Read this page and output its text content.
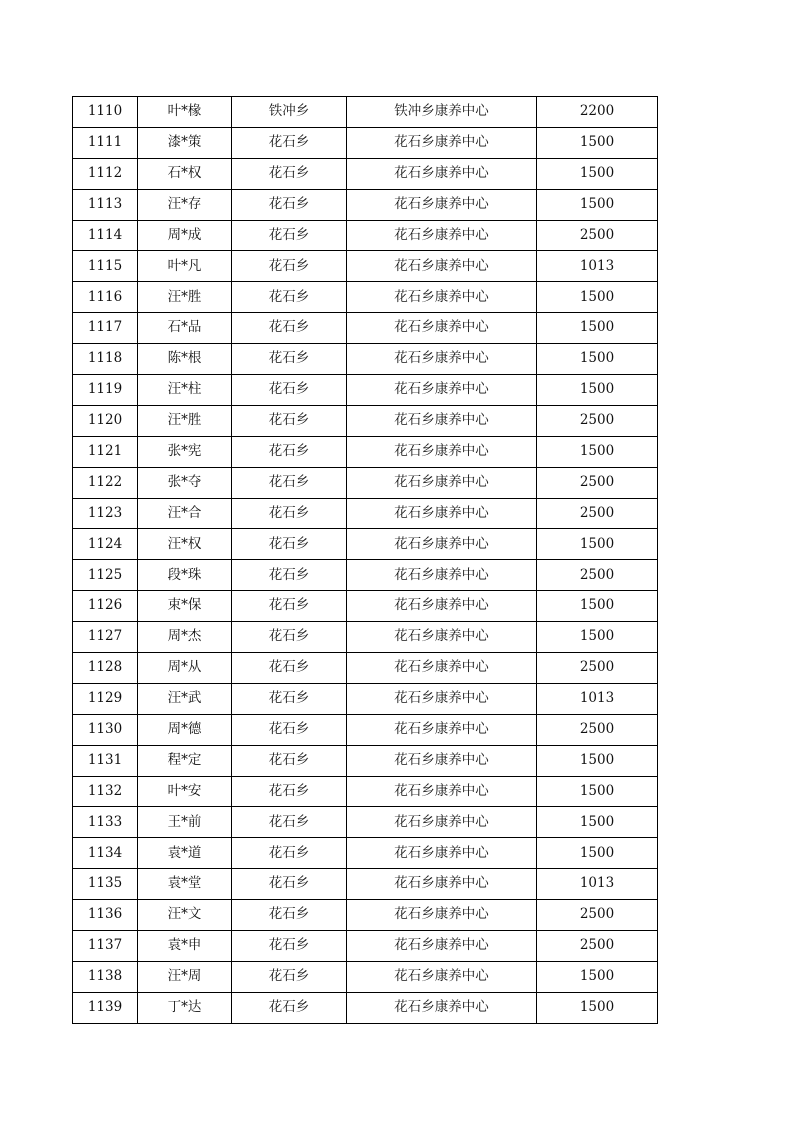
1110	叶*椽	铁冲乡	铁冲乡康养中心	2200
1111	漆*策	花石乡	花石乡康养中心	1500
1112	石*权	花石乡	花石乡康养中心	1500
1113	汪*存	花石乡	花石乡康养中心	1500
1114	周*成	花石乡	花石乡康养中心	2500
1115	叶*凡	花石乡	花石乡康养中心	1013
1116	汪*胜	花石乡	花石乡康养中心	1500
1117	石*品	花石乡	花石乡康养中心	1500
1118	陈*根	花石乡	花石乡康养中心	1500
1119	汪*柱	花石乡	花石乡康养中心	1500
1120	汪*胜	花石乡	花石乡康养中心	2500
1121	张*宪	花石乡	花石乡康养中心	1500
1122	张*夺	花石乡	花石乡康养中心	2500
1123	汪*合	花石乡	花石乡康养中心	2500
1124	汪*权	花石乡	花石乡康养中心	1500
1125	段*珠	花石乡	花石乡康养中心	2500
1126	束*保	花石乡	花石乡康养中心	1500
1127	周*杰	花石乡	花石乡康养中心	1500
1128	周*从	花石乡	花石乡康养中心	2500
1129	汪*武	花石乡	花石乡康养中心	1013
1130	周*德	花石乡	花石乡康养中心	2500
1131	程*定	花石乡	花石乡康养中心	1500
1132	叶*安	花石乡	花石乡康养中心	1500
1133	王*前	花石乡	花石乡康养中心	1500
1134	袁*道	花石乡	花石乡康养中心	1500
1135	袁*堂	花石乡	花石乡康养中心	1013
1136	汪*文	花石乡	花石乡康养中心	2500
1137	袁*申	花石乡	花石乡康养中心	2500
1138	汪*周	花石乡	花石乡康养中心	1500
1139	丁*达	花石乡	花石乡康养中心	1500
